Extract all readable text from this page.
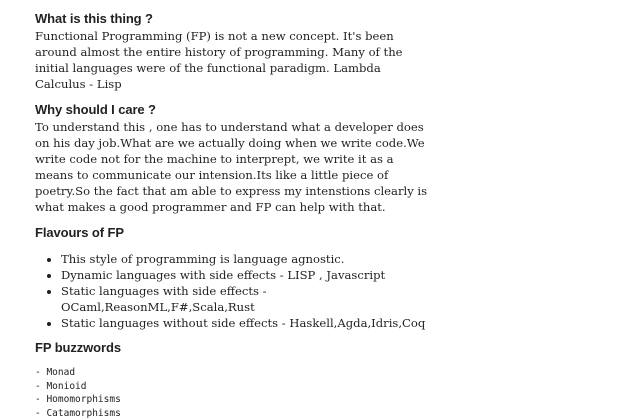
What is this thing ?

Functional Programming (FP) is not a new concept. It's been around almost the entire history of programming. Many of the initial languages were of the functional paradigm. Lambda Calculus - Lisp

Why should I care ?

To understand this , one has to understand what a developer does on his day job.What are we actually doing when we write code.We write code not for the machine to interprept, we write it as a means to communicate our intension.Its like a little piece of poetry.So the fact that am able to express my intenstions clearly is what makes a good programmer and FP can help with that.

Flavours of FP
• This style of programming is language agnostic.
• Dynamic languages with side effects - LISP , Javascript
• Static languages with side effects - OCaml,ReasonML,F#,Scala,Rust
• Static languages without side effects - Haskell,Agda,Idris,Coq
FP buzzwords
- Monad
- Monioid
- Homomorphisms
- Catamorphisms
